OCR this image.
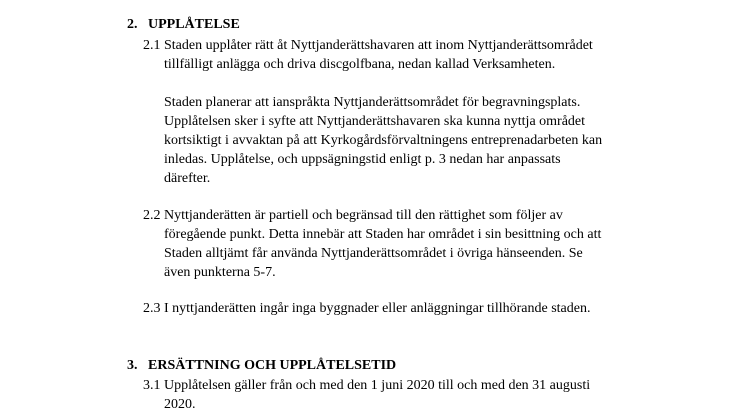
2. UPPLÅTELSE
2.1 Staden upplåter rätt åt Nyttjanderättshavaren att inom Nyttjanderättsområdet
tillfälligt anlägga och driva discgolfbana, nedan kallad Verksamheten.
Staden planerar att ianspråkta Nyttjanderättsområdet för begravningsplats.
Upplåtelsen sker i syfte att Nyttjanderättshavaren ska kunna nyttja området
kortsiktigt i avvaktan på att Kyrkogårdsförvaltningens entreprenadarbeten kan
inledas. Upplåtelse, och uppsägningstid enligt p. 3 nedan har anpassats
därefter.
2.2 Nyttjanderätten är partiell och begränsad till den rättighet som följer av
föregående punkt. Detta innebär att Staden har området i sin besittning och att
Staden alltjämt får använda Nyttjanderättsområdet i övriga hänseenden. Se
även punkterna 5-7.
2.3 I nyttjanderätten ingår inga byggnader eller anläggningar tillhörande staden.
3. ERSÄTTNING OCH UPPLÅTELSETID
3.1 Upplåtelsen gäller från och med den 1 juni 2020 till och med den 31 augusti
2020.
